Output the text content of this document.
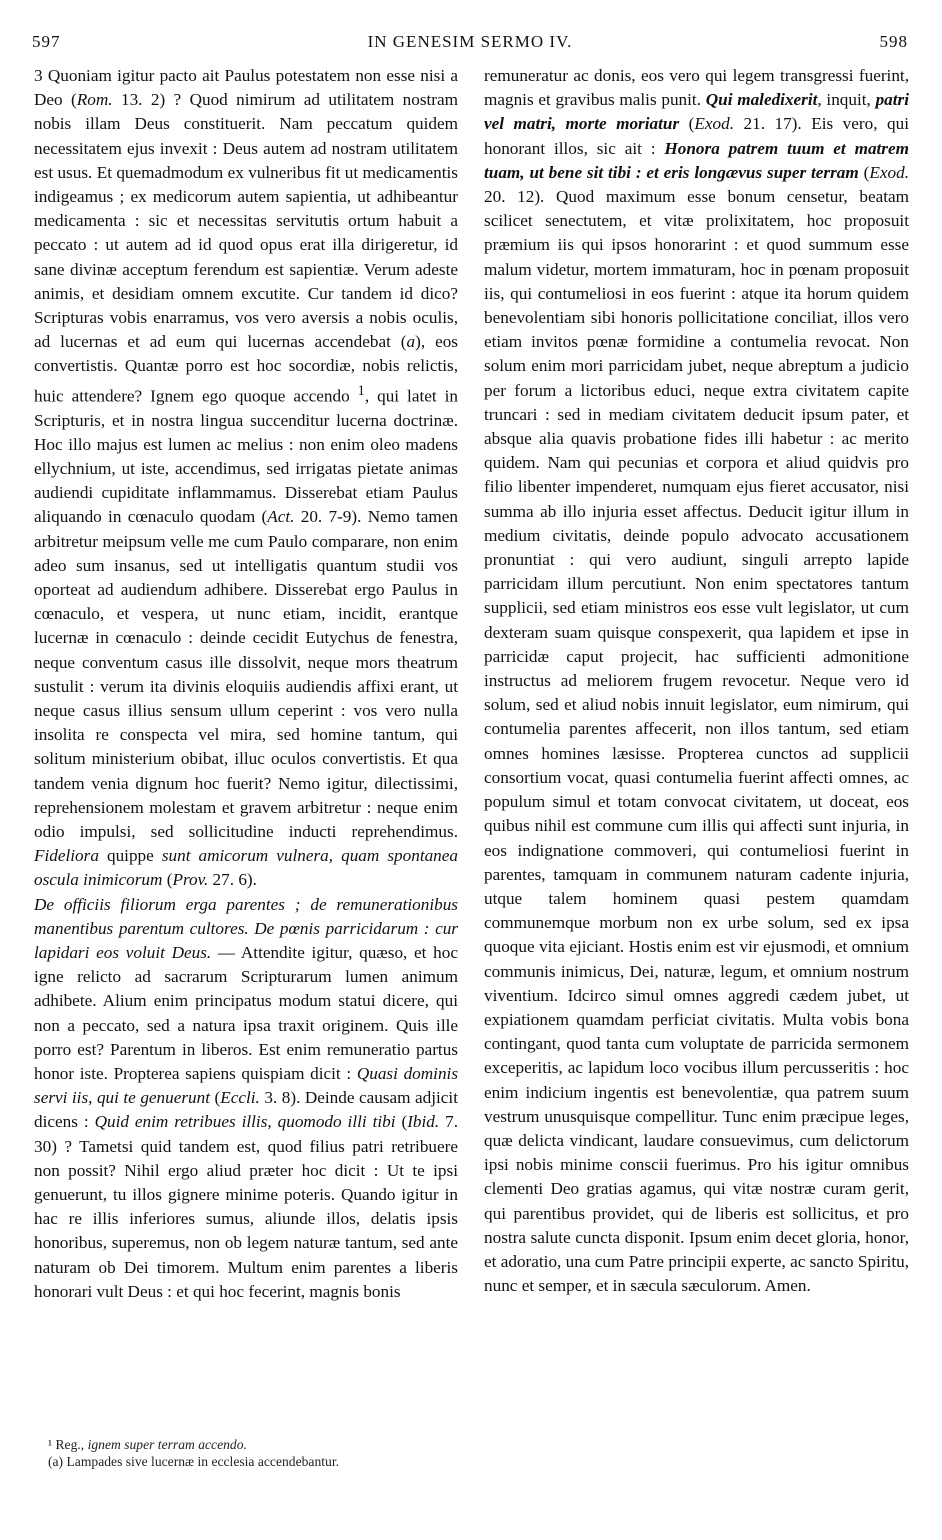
597	IN GENESIM SERMO IV.	598

3 Quoniam igitur pacto ait Paulus potestatem non esse nisi a Deo (Rom. 13. 2) ? Quod nimirum ad utilitatem nostram nobis illam Deus constituerit. Nam peccatum quidem necessitatem ejus invexit : Deus autem ad nostram utilitatem est usus. Et quemadmodum ex vulneribus fit ut medicamentis indigeamus ; ex medicorum autem sapientia, ut adhibeantur medicamenta : sic et necessitas servitutis ortum habuit a peccato : ut autem ad id quod opus erat illa dirigeretur, id sane divinæ acceptum ferendum est sapientiæ. Verum adeste animis, et desidiam omnem excutite. Cur tandem id dico? Scripturas vobis enarramus, vos vero aversis a nobis oculis, ad lucernas et ad eum qui lucernas accendebat (a), eos convertistis. Quantæ porro est hoc socordiæ, nobis relictis, huic attendere? Ignem ego quoque accendo $^1$, qui latet in Scripturis, et in nostra lingua succenditur lucerna doctrinæ. Hoc illo majus est lumen ac melius : non enim oleo madens ellychnium, ut iste, accendimus, sed irrigatas pietate animas audiendi cupiditate inflammamus. Disserebat etiam Paulus aliquando in cœnaculo quodam (Act. 20. 7-9). Nemo tamen arbitretur meipsum velle me cum Paulo comparare, non enim adeo sum insanus, sed ut intelligatis quantum studii vos oporteat ad audiendum adhibere. Disserebat ergo Paulus in cœnaculo, et vespera, ut nunc etiam, incidit, erantque lucernæ in cœnaculo : deinde cecidit Eutychus de fenestra, neque conventum casus ille dissolvit, neque mors theatrum sustulit : verum ita divinis eloquiis audiendis affixi erant, ut neque casus illius sensum ullum ceperint : vos vero nulla insolita re conspecta vel mira, sed homine tantum, qui solitum ministerium obibat, illuc oculos convertistis. Et qua tandem venia dignum hoc fuerit? Nemo igitur, dilectissimi, reprehensionem molestam et gravem arbitretur : neque enim odio impulsi, sed sollicitudine inducti reprehendimus. Fideliora quippe sunt amicorum vulnera, quam spontanea oscula inimicorum (Prov. 27. 6).

De officiis filiorum erga parentes ; de remunerationibus manentibus parentum cultores. De pœnis parricidarum : cur lapidari eos voluit Deus. — Attendite igitur, quæso, et hoc igne relicto ad sacrarum Scripturarum lumen animum adhibete. Alium enim principatus modum statui dicere, qui non a peccato, sed a natura ipsa traxit originem. Quis ille porro est? Parentum in liberos. Est enim remuneratio partus honor iste. Propterea sapiens quispiam dicit : Quasi dominis servi iis, qui te genuerunt (Eccli. 3. 8). Deinde causam adjicit dicens : Quid enim retribues illis, quomodo illi tibi (Ibid. 7. 30) ? Tametsi quid tandem est, quod filius patri retribuere non possit? Nihil ergo aliud præter hoc dicit : Ut te ipsi genuerunt, tu illos gignere minime poteris. Quando igitur in hac re illis inferiores sumus, aliunde illos, delatis ipsis honoribus, superemus, non ob legem naturæ tantum, sed ante naturam ob Dei timorem. Multum enim parentes a liberis honorari vult Deus : et qui hoc fecerint, magnis bonis

remuneratur ac donis, eos vero qui legem transgressi fuerint, magnis et gravibus malis punit. Qui maledixerit, inquit, patri vel matri, morte moriatur (Exod. 21. 17). Eis vero, qui honorant illos, sic ait : Honora patrem tuum et matrem tuam, ut bene sit tibi : et eris longævus super terram (Exod. 20. 12). Quod maximum esse bonum censetur, beatam scilicet senectutem, et vitæ prolixitatem, hoc proposuit præmium iis qui ipsos honorarint : et quod summum esse malum videtur, mortem immaturam, hoc in pœnam proposuit iis, qui contumeliosi in eos fuerint : atque ita horum quidem benevolentiam sibi honoris pollicitatione conciliat, illos vero etiam invitos pœnæ formidine a contumelia revocat. Non solum enim mori parricidam jubet, neque abreptum a judicio per forum a lictoribus educi, neque extra civitatem capite truncari : sed in mediam civitatem deducit ipsum pater, et absque alia quavis probatione fides illi habetur : ac merito quidem. Nam qui pecunias et corpora et aliud quidvis pro filio libenter impenderet, numquam ejus fieret accusator, nisi summa ab illo injuria esset affectus. Deducit igitur illum in medium civitatis, deinde populo advocato accusationem pronuntiat : qui vero audiunt, singuli arrepto lapide parricidam illum percutiunt. Non enim spectatores tantum supplicii, sed etiam ministros eos esse vult legislator, ut cum dexteram suam quisque conspexerit, qua lapidem et ipse in parricidæ caput projecit, hac sufficienti admonitione instructus ad meliorem frugem revocetur. Neque vero id solum, sed et aliud nobis innuit legislator, eum nimirum, qui contumelia parentes affecerit, non illos tantum, sed etiam omnes homines læsisse. Propterea cunctos ad supplicii consortium vocat, quasi contumelia fuerint affecti omnes, ac populum simul et totam convocat civitatem, ut doceat, eos quibus nihil est commune cum illis qui affecti sunt injuria, in eos indignatione commoveri, qui contumeliosi fuerint in parentes, tamquam in communem naturam cadente injuria, utque talem hominem quasi pestem quamdam communemque morbum non ex urbe solum, sed ex ipsa quoque vita ejiciant. Hostis enim est vir ejusmodi, et omnium communis inimicus, Dei, naturæ, legum, et omnium nostrum viventium. Idcirco simul omnes aggredi cædem jubet, ut expiationem quamdam perficiat civitatis. Multa vobis bona contingant, quod tanta cum voluptate de parricida sermonem exceperitis, ac lapidum loco vocibus illum percusseritis : hoc enim indicium ingentis est benevolentiæ, qua patrem suum vestrum unusquisque compellitur. Tunc enim præcipue leges, quæ delicta vindicant, laudare consuevimus, cum delictorum ipsi nobis minime conscii fuerimus. Pro his igitur omnibus clementi Deo gratias agamus, qui vitæ nostræ curam gerit, qui parentibus providet, qui de liberis est sollicitus, et pro nostra salute cuncta disponit. Ipsum enim decet gloria, honor, et adoratio, una cum Patre principii experte, ac sancto Spiritu, nunc et semper, et in sæcula sæculorum. Amen.

¹ Reg., ignem super terram accendo.
(a) Lampades sive lucernæ in ecclesia accendebantur.
